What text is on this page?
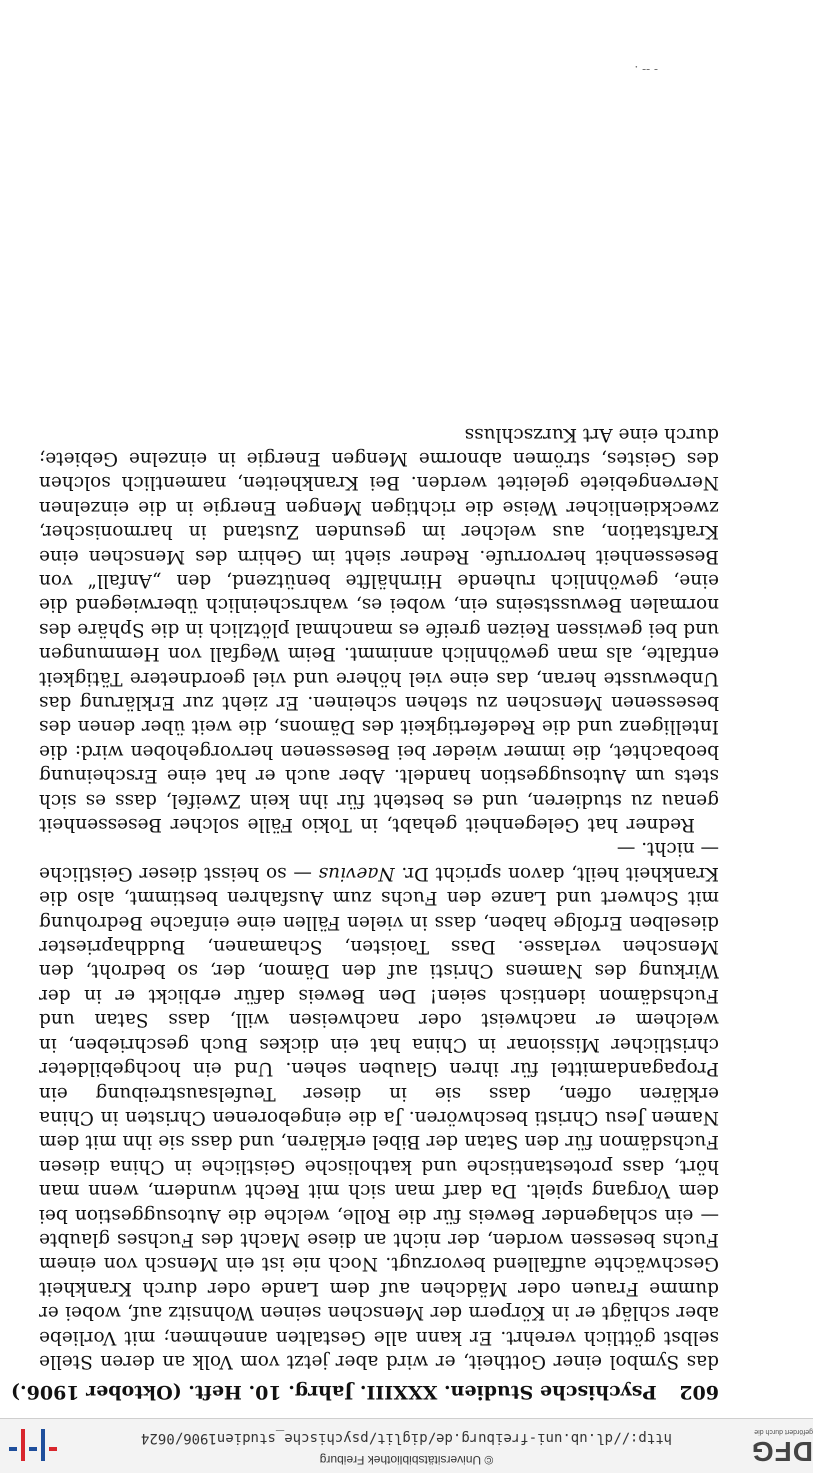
© Universitätsbibliothek Freiburg
http://dl.ub.uni-freiburg.de/diglit/psychische_studien1906/0624	DFG
gefördert durch die
602 Psychische Studien. XXXIII. Jahrg. 10. Heft. (Oktober 1906.)

das Symbol einer Gottheit, er wird aber jetzt vom Volk an deren Stelle selbst göttlich verehrt. Er kann alle Gestalten annehmen; mit Vorliebe aber schlägt er in Körpern der Menschen seinen Wohnsitz auf, wobei er dumme Frauen oder Mädchen auf dem Lande oder durch Krankheit Geschwächte auffallend bevorzugt. Noch nie ist ein Mensch von einem Fuchs besessen worden, der nicht an diese Macht des Fuchses glaubte — ein schlagender Beweis für die Rolle, welche die Autosuggestion bei dem Vorgang spielt. Da darf man sich mit Recht wundern, wenn man hört, dass protestantische und katholische Geistliche in China diesen Fuchsdämon für den Satan der Bibel erklären, und dass sie ihn mit dem Namen Jesu Christi beschwören. Ja die eingeborenen Christen in China erklären offen, dass sie in dieser Teufelsaustreibung ein Propagandamittel für ihren Glauben sehen. Und ein hochgebildeter christlicher Missionar in China hat ein dickes Buch geschrieben, in welchem er nachweist oder nachweisen will, dass Satan und Fuchsdämon identisch seien! Den Beweis dafür erblickt er in der Wirkung des Namens Christi auf den Dämon, der, so bedroht, den Menschen verlasse. Dass Taoisten, Schamanen, Buddhapriester dieselben Erfolge haben, dass in vielen Fällen eine einfache Bedrohung mit Schwert und Lanze den Fuchs zum Ausfahren bestimmt, also die Krankheit heilt, davon spricht Dr. Naevius — so heisst dieser Geistliche — nicht. —

Redner hat Gelegenheit gehabt, in Tokio Fälle solcher Besessenheit genau zu studieren, und es besteht für ihn kein Zweifel, dass es sich stets um Autosuggestion handelt. Aber auch er hat eine Erscheinung beobachtet, die immer wieder bei Besessenen hervorgehoben wird: die Intelligenz und die Redefertigkeit des Dämons, die weit über denen des besessenen Menschen zu stehen scheinen. Er zieht zur Erklärung das Unbewusste heran, das eine viel höhere und viel geordnetere Tätigkeit entfalte, als man gewöhnlich annimmt. Beim Wegfall von Hemmungen und bei gewissen Reizen greife es manchmal plötzlich in die Sphäre des normalen Bewusstseins ein, wobei es, wahrscheinlich überwiegend die eine, gewöhnlich ruhende Hirnhälfte benützend, den „Anfall“ von Besessenheit hervorrufe. Redner sieht im Gehirn des Menschen eine Kraftstation, aus welcher im gesunden Zustand in harmonischer, zweckdienlicher Weise die richtigen Mengen Energie in die einzelnen Nervengebiete geleitet werden. Bei Krankheiten, namentlich solchen des Geistes, strömen abnorme Mengen Energie in einzelne Gebiete; durch eine Art Kurzschluss

- -- .
